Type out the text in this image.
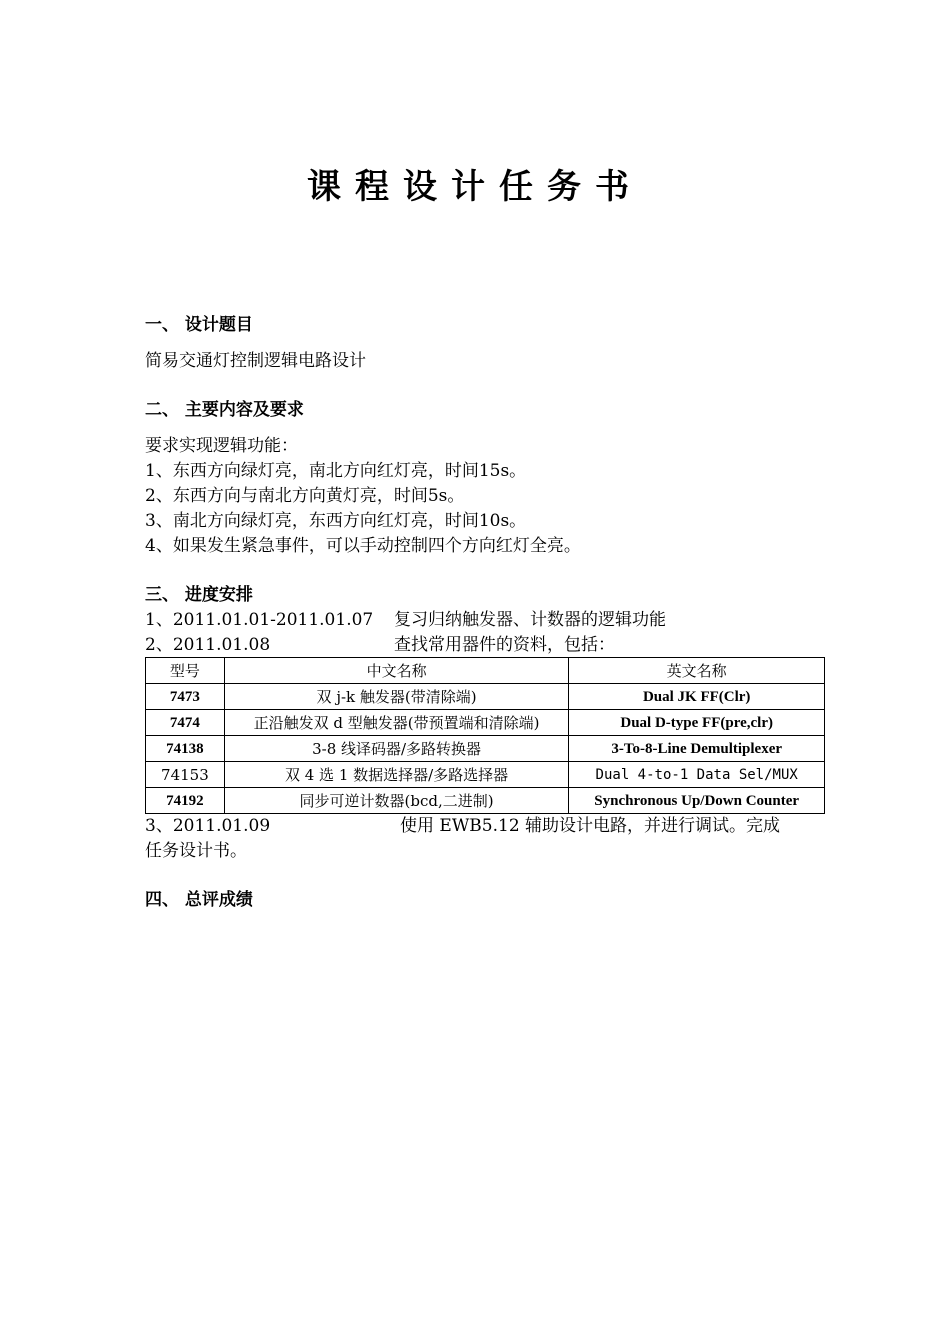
课程设计任务书
一、 设计题目
简易交通灯控制逻辑电路设计
二、 主要内容及要求
要求实现逻辑功能：
1、东西方向绿灯亮，南北方向红灯亮，时间15s。
2、东西方向与南北方向黄灯亮，时间5s。
3、南北方向绿灯亮，东西方向红灯亮，时间10s。
4、如果发生紧急事件，可以手动控制四个方向红灯全亮。
三、 进度安排
1、2011.01.01-2011.01.07 复习归纳触发器、计数器的逻辑功能
2、2011.01.08	查找常用器件的资料，包括：
型号	中文名称	英文名称
7473	双 j-k 触发器(带清除端)	Dual JK FF(Clr)
7474	正沿触发双 d 型触发器(带预置端和清除端)	Dual D-type FF(pre,clr)
74138	3-8 线译码器/多路转换器	3-To-8-Line Demultiplexer
74153	双 4 选 1 数据选择器/多路选择器	Dual 4-to-1 Data Sel/MUX
74192	同步可逆计数器(bcd,二进制)	Synchronous Up/Down Counter
3、2011.01.09	使用 EWB5.12 辅助设计电路，并进行调试。完成
任务设计书。
四、 总评成绩
